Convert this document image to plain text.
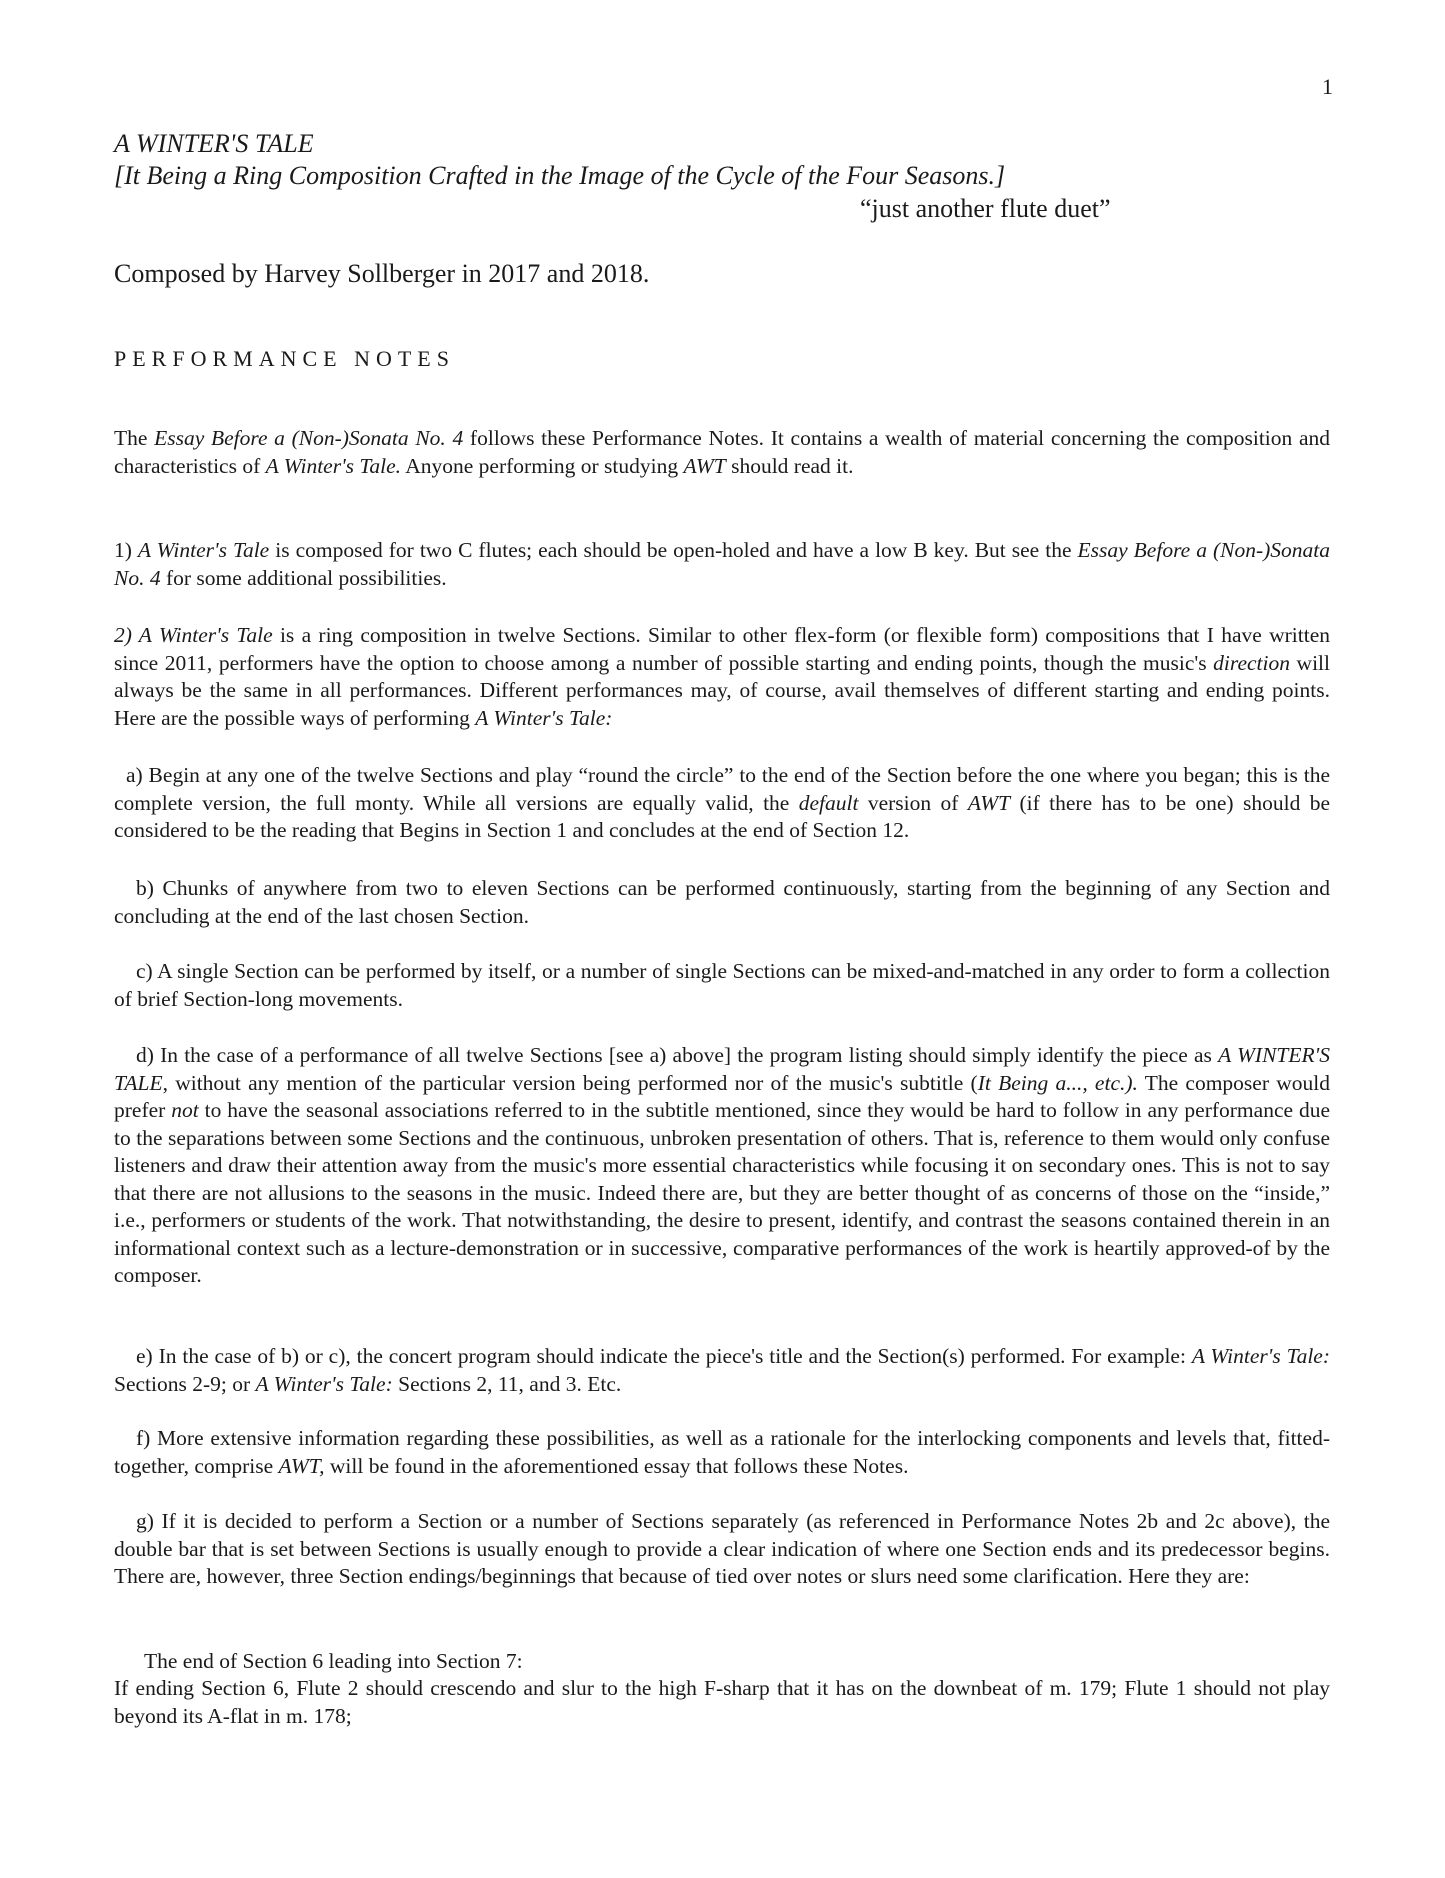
1
A WINTER'S TALE
[It Being a Ring Composition Crafted in the Image of the Cycle of the Four Seasons.]
“just another flute duet”
Composed by Harvey Sollberger in 2017 and 2018.
PERFORMANCE NOTES

The Essay Before a (Non-)Sonata No. 4 follows these Performance Notes. It contains a wealth of material concerning the composition and characteristics of A Winter's Tale. Anyone performing or studying AWT should read it.

1) A Winter's Tale is composed for two C flutes; each should be open-holed and have a low B key. But see the Essay Before a (Non-)Sonata No. 4 for some additional possibilities.

2) A Winter's Tale is a ring composition in twelve Sections. Similar to other flex-form (or flexible form) compositions that I have written since 2011, performers have the option to choose among a number of possible starting and ending points, though the music's direction will always be the same in all performances. Different performances may, of course, avail themselves of different starting and ending points. Here are the possible ways of performing A Winter's Tale:

a) Begin at any one of the twelve Sections and play “round the circle” to the end of the Section before the one where you began; this is the complete version, the full monty. While all versions are equally valid, the default version of AWT (if there has to be one) should be considered to be the reading that Begins in Section 1 and concludes at the end of Section 12.

b) Chunks of anywhere from two to eleven Sections can be performed continuously, starting from the beginning of any Section and concluding at the end of the last chosen Section.

c) A single Section can be performed by itself, or a number of single Sections can be mixed-and-matched in any order to form a collection of brief Section-long movements.

d) In the case of a performance of all twelve Sections [see a) above] the program listing should simply identify the piece as A WINTER'S TALE, without any mention of the particular version being performed nor of the music's subtitle (It Being a..., etc.). The composer would prefer not to have the seasonal associations referred to in the subtitle mentioned, since they would be hard to follow in any performance due to the separations between some Sections and the continuous, unbroken presentation of others. That is, reference to them would only confuse listeners and draw their attention away from the music's more essential characteristics while focusing it on secondary ones. This is not to say that there are not allusions to the seasons in the music. Indeed there are, but they are better thought of as concerns of those on the “inside,” i.e., performers or students of the work. That notwithstanding, the desire to present, identify, and contrast the seasons contained therein in an informational context such as a lecture-demonstration or in successive, comparative performances of the work is heartily approved-of by the composer.

e) In the case of b) or c), the concert program should indicate the piece's title and the Section(s) performed. For example: A Winter's Tale: Sections 2-9; or A Winter's Tale: Sections 2, 11, and 3. Etc.

f) More extensive information regarding these possibilities, as well as a rationale for the interlocking components and levels that, fitted-together, comprise AWT, will be found in the aforementioned essay that follows these Notes.

g) If it is decided to perform a Section or a number of Sections separately (as referenced in Performance Notes 2b and 2c above), the double bar that is set between Sections is usually enough to provide a clear indication of where one Section ends and its predecessor begins. There are, however, three Section endings/beginnings that because of tied over notes or slurs need some clarification. Here they are:

The end of Section 6 leading into Section 7:

If ending Section 6, Flute 2 should crescendo and slur to the high F-sharp that it has on the downbeat of m. 179; Flute 1 should not play beyond its A-flat in m. 178;
